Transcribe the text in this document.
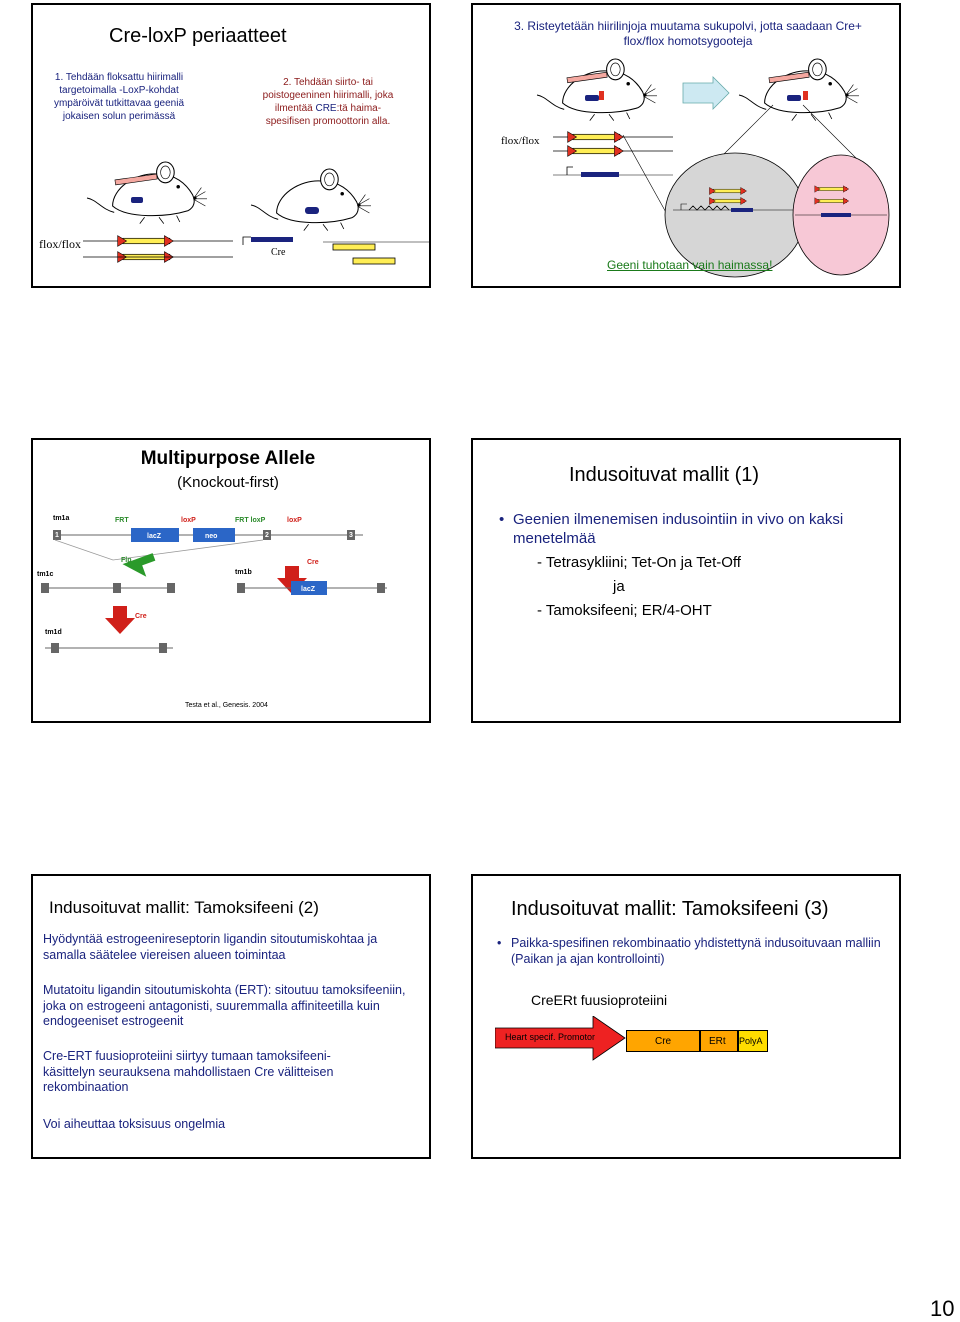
Cre-loxP periaatteet
1. Tehdään floksattu hiirimalli targetoimalla -LoxP-kohdat ympäröivät tutkittavaa geeniä jokaisen solun perimässä
2. Tehdään siirto- tai poistogeeninen hiirimalli, joka ilmentää CRE:tä haima-spesifisen promoottorin alla.
flox/flox
Cre
3. Risteytetään hiirilinjoja muutama sukupolvi, jotta saadaan Cre+ flox/flox homotsygooteja
flox/flox
Geeni tuhotaan vain haimassa!
Multipurpose Allele
(Knockout-first)
tm1a	FRT	loxP	FRT loxP	loxP
lacZ	neo
1	2	3
Flp	Cre
tm1c	tm1b
lacZ
Cre
tm1d
Testa et al., Genesis. 2004
Indusoituvat mallit (1)
• Geenien ilmenemisen indusointiin in vivo on kaksi menetelmää
- Tetrasykliini; Tet-On ja Tet-Off
ja
- Tamoksifeeni; ER/4-OHT
Indusoituvat mallit: Tamoksifeeni (2)
• Hyödyntää estrogeenireseptorin ligandin sitoutumiskohtaa ja samalla säätelee viereisen alueen toimintaa
• Mutatoitu ligandin sitoutumiskohta (ERT): sitoutuu tamoksifeeniin, joka on estrogeeni antagonisti, suuremmalla affiniteetilla kuin endogeeniset estrogeenit
• Cre-ERT fuusioproteiini siirtyy tumaan tamoksifeeni-käsittelyn seurauksena mahdollistaen Cre välitteisen rekombinaation
• Voi aiheuttaa toksisuus ongelmia
Indusoituvat mallit: Tamoksifeeni (3)
• Paikka-spesifinen rekombinaatio yhdistettynä indusoituvaan malliin (Paikan ja ajan kontrollointi)
CreERt fuusioproteiini
Heart specif. Promotor	Cre	ERt PolyA
10
